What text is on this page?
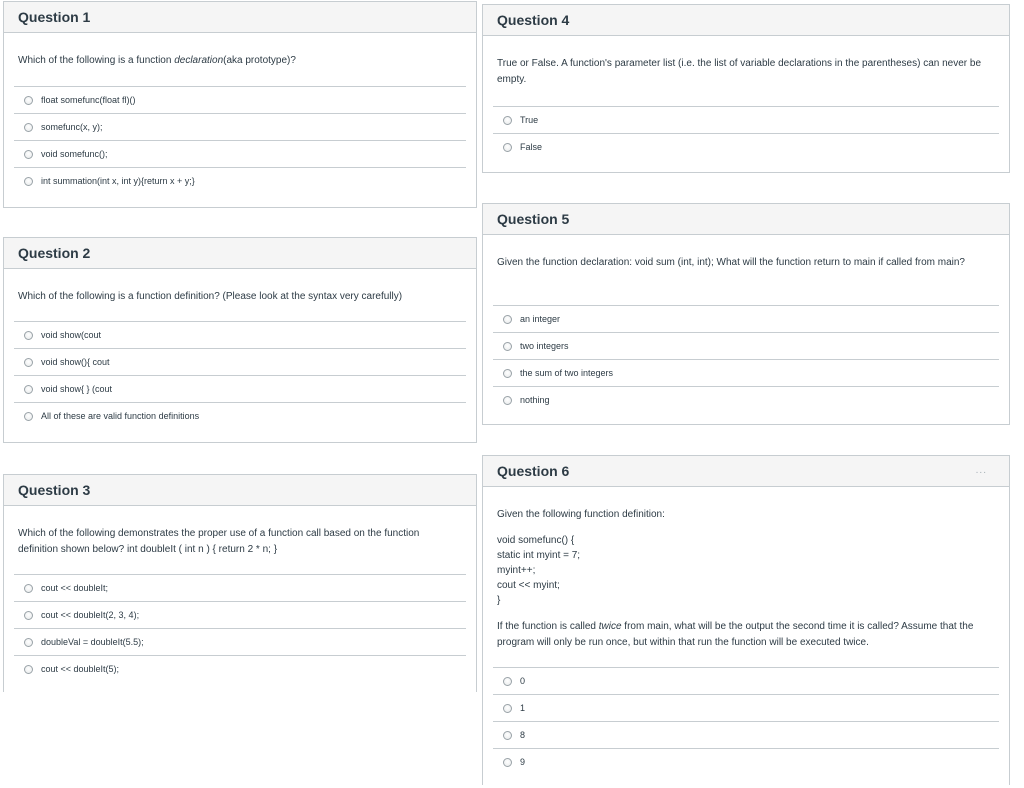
Question 1
Which of the following is a function declaration(aka prototype)?
float somefunc(float fl)()
somefunc(x, y);
void somefunc();
int summation(int x, int y){return x + y;}
Question 2
Which of the following is a function definition? (Please look at the syntax very carefully)
void show(cout
void show(){ cout
void show{ } (cout
All of these are valid function definitions
Question 3
Which of the following demonstrates the proper use of a function call based on the function definition shown below? int doubleIt ( int n ) { return 2 * n; }
cout << doubleIt;
cout << doubleIt(2, 3, 4);
doubleVal = doubleIt(5.5);
cout << doubleIt(5);
Question 4
True or False. A function's parameter list (i.e. the list of variable declarations in the parentheses) can never be empty.
True
False
Question 5
Given the function declaration: void sum (int, int); What will the function return to main if called from main?
an integer
two integers
the sum of two integers
nothing
Question 6	...
Given the following function definition:
void somefunc() {
static int myint = 7;
myint++;
cout << myint;
}
If the function is called twice from main, what will be the output the second time it is called? Assume that the program will only be run once, but within that run the function will be executed twice.
0
1
8
9
